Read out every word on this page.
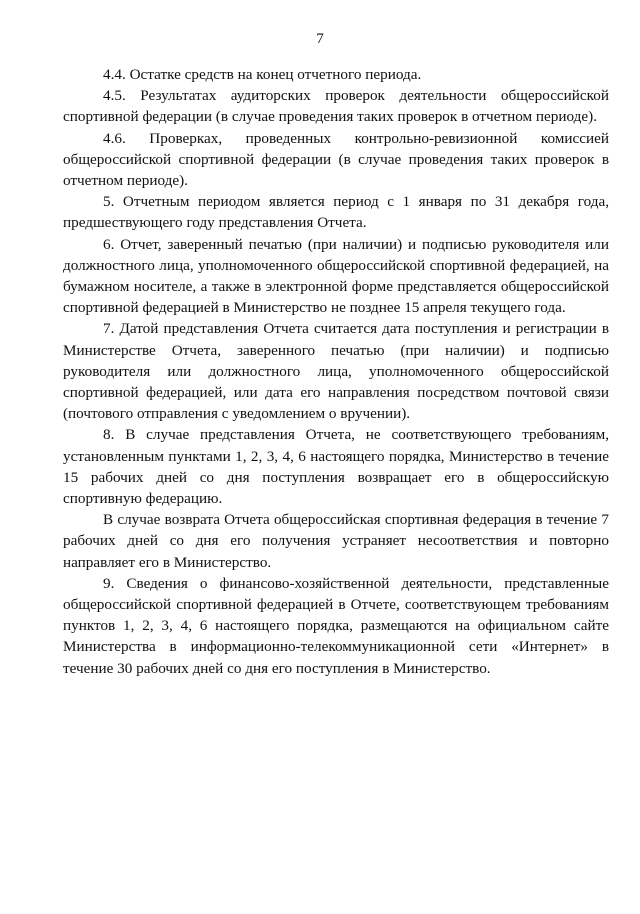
7

4.4. Остатке средств на конец отчетного периода.

4.5. Результатах аудиторских проверок деятельности общероссийской спортивной федерации (в случае проведения таких проверок в отчетном периоде).

4.6. Проверках, проведенных контрольно-ревизионной комиссией общероссийской спортивной федерации (в случае проведения таких проверок в отчетном периоде).

5. Отчетным периодом является период с 1 января по 31 декабря года, предшествующего году представления Отчета.

6. Отчет, заверенный печатью (при наличии) и подписью руководителя или должностного лица, уполномоченного общероссийской спортивной федерацией, на бумажном носителе, а также в электронной форме представляется общероссийской спортивной федерацией в Министерство не позднее 15 апреля текущего года.

7. Датой представления Отчета считается дата поступления и регистрации в Министерстве Отчета, заверенного печатью (при наличии) и подписью руководителя или должностного лица, уполномоченного общероссийской спортивной федерацией, или дата его направления посредством почтовой связи (почтового отправления с уведомлением о вручении).

8. В случае представления Отчета, не соответствующего требованиям, установленным пунктами 1, 2, 3, 4, 6 настоящего порядка, Министерство в течение 15 рабочих дней со дня поступления возвращает его в общероссийскую спортивную федерацию.

В случае возврата Отчета общероссийская спортивная федерация в течение 7 рабочих дней со дня его получения устраняет несоответствия и повторно направляет его в Министерство.

9. Сведения о финансово-хозяйственной деятельности, представленные общероссийской спортивной федерацией в Отчете, соответствующем требованиям пунктов 1, 2, 3, 4, 6 настоящего порядка, размещаются на официальном сайте Министерства в информационно-телекоммуникационной сети «Интернет» в течение 30 рабочих дней со дня его поступления в Министерство.
